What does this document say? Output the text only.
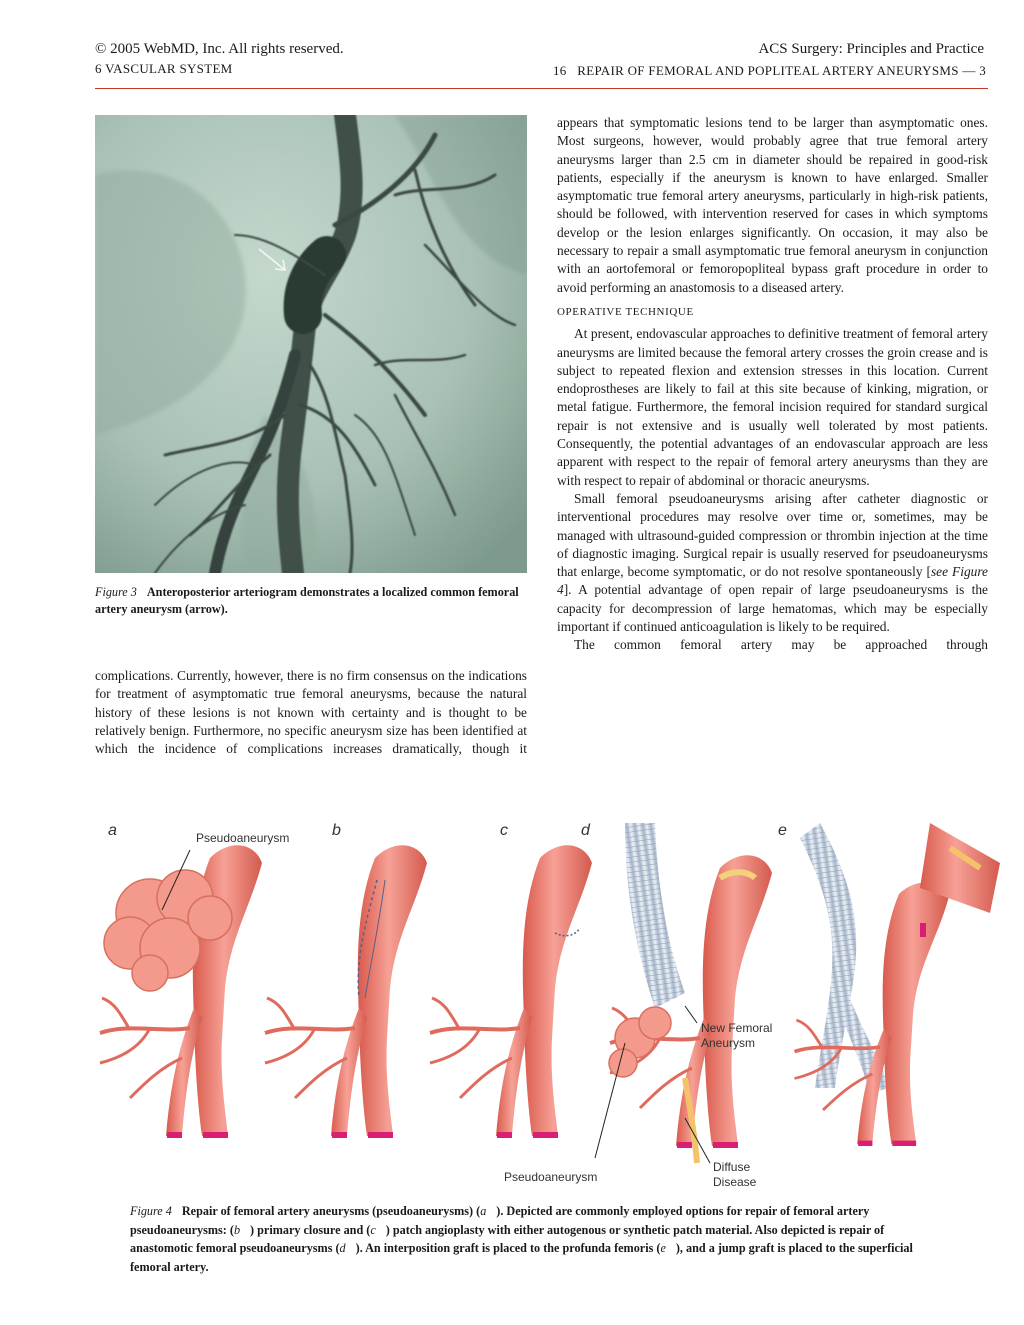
© 2005 WebMD, Inc. All rights reserved.	ACS Surgery: Principles and Practice
6 VASCULAR SYSTEM	16 REPAIR OF FEMORAL AND POPLITEAL ARTERY ANEURYSMS — 3
Figure 3 Anteroposterior arteriogram demonstrates a localized common femoral artery aneurysm (arrow).

complications. Currently, however, there is no firm consensus on the indications for treatment of asymptomatic true femoral aneurysms, because the natural history of these lesions is not known with certainty and is thought to be relatively benign. Furthermore, no specific aneurysm size has been identified at which the incidence of complications increases dramatically, though it

appears that symptomatic lesions tend to be larger than asymptomatic ones. Most surgeons, however, would probably agree that true femoral artery aneurysms larger than 2.5 cm in diameter should be repaired in good-risk patients, especially if the aneurysm is known to have enlarged. Smaller asymptomatic true femoral artery aneurysms, particularly in high-risk patients, should be followed, with intervention reserved for cases in which symptoms develop or the lesion enlarges significantly. On occasion, it may also be necessary to repair a small asymptomatic true femoral aneurysm in conjunction with an aortofemoral or femoropopliteal bypass graft procedure in order to avoid performing an anastomosis to a diseased artery.

OPERATIVE TECHNIQUE

At present, endovascular approaches to definitive treatment of femoral artery aneurysms are limited because the femoral artery crosses the groin crease and is subject to repeated flexion and extension stresses in this location. Current endoprostheses are likely to fail at this site because of kinking, migration, or metal fatigue. Furthermore, the femoral incision required for standard surgical repair is not extensive and is usually well tolerated by most patients. Consequently, the potential advantages of an endovascular approach are less apparent with respect to the repair of femoral artery aneurysms than they are with respect to repair of abdominal or thoracic aneurysms.

Small femoral pseudoaneurysms arising after catheter diagnostic or interventional procedures may resolve over time or, sometimes, may be managed with ultrasound-guided compression or thrombin injection at the time of diagnostic imaging. Surgical repair is usually reserved for pseudoaneurysms that enlarge, become symptomatic, or do not resolve spontaneously [see Figure 4]. A potential advantage of open repair of large pseudoaneurysms is the capacity for decompression of large hematomas, which may be especially important if continued anticoagulation is likely to be required.

The common femoral artery may be approached through

a	b	c	d	e
Pseudoaneurysm
New Femoral
Aneurysm
Pseudoaneurysm
Diffuse
Disease
Figure 4 Repair of femoral artery aneurysms (pseudoaneurysms) (a ). Depicted are commonly employed options for repair of femoral artery pseudoaneurysms: (b ) primary closure and (c ) patch angioplasty with either autogenous or synthetic patch material. Also depicted is repair of anastomotic femoral pseudoaneurysms (d ). An interposition graft is placed to the profunda femoris (e ), and a jump graft is placed to the superficial femoral artery.
